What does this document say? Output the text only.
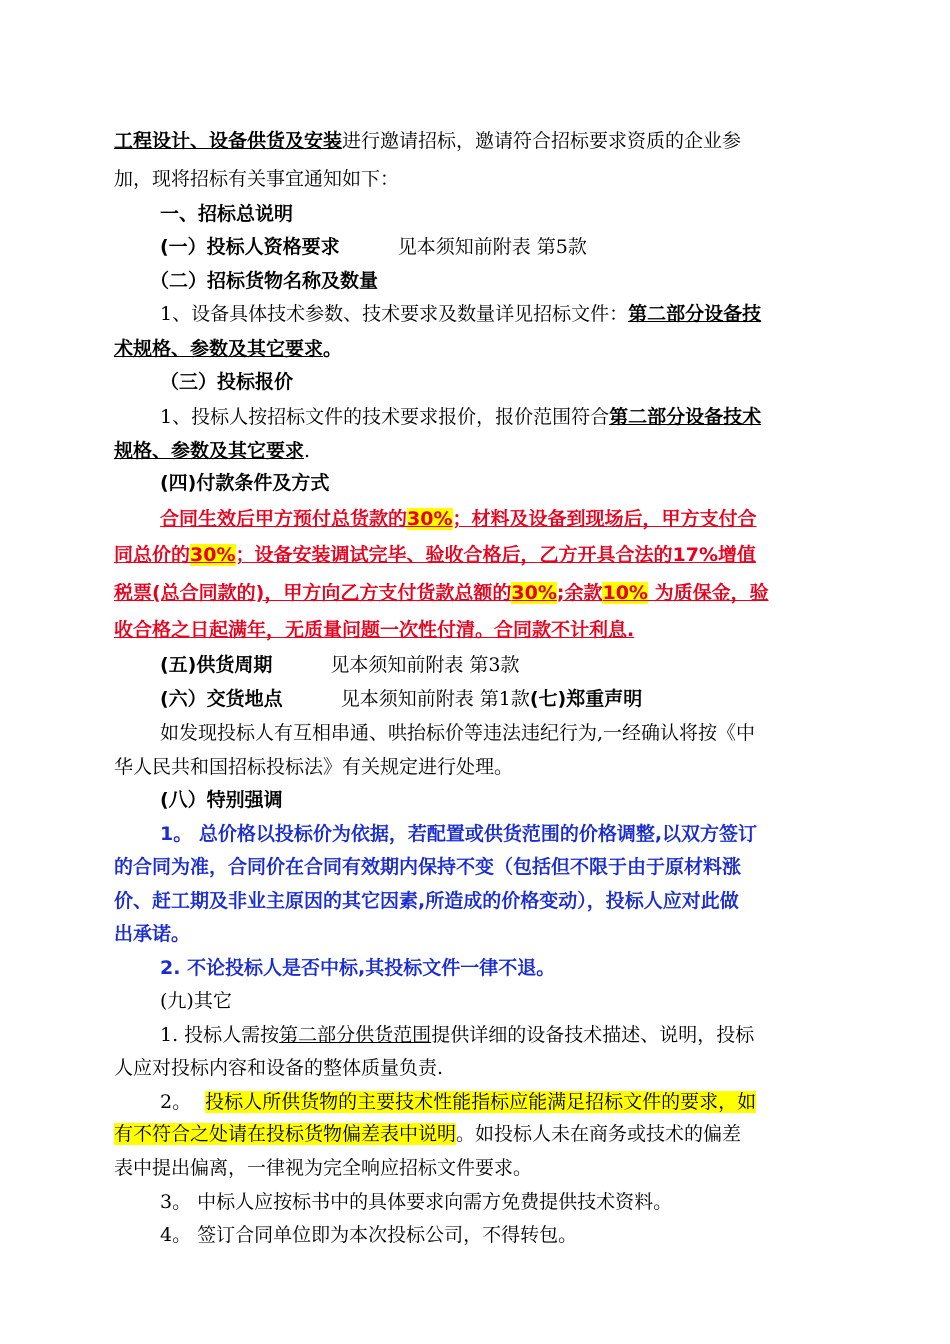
工程设计、设备供货及安装进行邀请招标，邀请符合招标要求资质的企业参
加，现将招标有关事宜通知如下：
一、招标总说明
(一）投标人资格要求	见本须知前附表 第5款
（二）招标货物名称及数量
1、设备具体技术参数、技术要求及数量详见招标文件：第二部分设备技
术规格、参数及其它要求。
（三）投标报价
1、投标人按招标文件的技术要求报价，报价范围符合第二部分设备技术
规格、参数及其它要求.
(四)付款条件及方式
合同生效后甲方预付总货款的30%；材料及设备到现场后，甲方支付合
同总价的30%；设备安装调试完毕、验收合格后，乙方开具合法的17%增值
税票(总合同款的)，甲方向乙方支付货款总额的30%;余款10% 为质保金，验
收合格之日起满年，无质量问题一次性付清。合同款不计利息.
(五)供货周期	见本须知前附表 第3款
(六）交货地点	见本须知前附表 第1款(七)郑重声明
如发现投标人有互相串通、哄抬标价等违法违纪行为,一经确认将按《中
华人民共和国招标投标法》有关规定进行处理。
(八）特别强调
1。 总价格以投标价为依据，若配置或供货范围的价格调整,以双方签订
的合同为准，合同价在合同有效期内保持不变（包括但不限于由于原材料涨
价、赶工期及非业主原因的其它因素,所造成的价格变动），投标人应对此做
出承诺。
2. 不论投标人是否中标,其投标文件一律不退。
(九)其它
1. 投标人需按第二部分供货范围提供详细的设备技术描述、说明，投标
人应对投标内容和设备的整体质量负责.
2。 投标人所供货物的主要技术性能指标应能满足招标文件的要求，如
有不符合之处请在投标货物偏差表中说明。如投标人未在商务或技术的偏差
表中提出偏离，一律视为完全响应招标文件要求。
3。 中标人应按标书中的具体要求向需方免费提供技术资料。
4。 签订合同单位即为本次投标公司，不得转包。
